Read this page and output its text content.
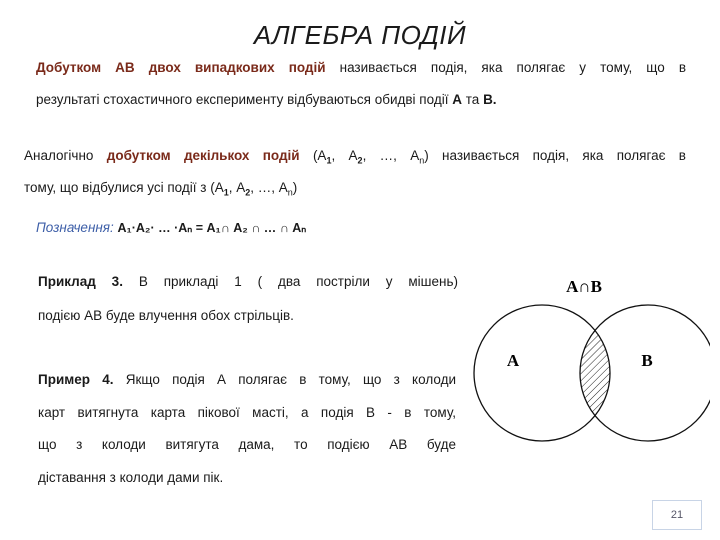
АЛГЕБРА ПОДІЙ
Добутком АВ двох випадкових подій називається подія, яка полягає у тому, що в
результаті стохастичного експерименту відбуваються обидві події А та В.
Аналогічно добутком декількох подій ($А_1$, $А_2$, …, $А_n$) називається подія, яка полягає в
тому, що відбулися усі події з ($А_1$, $А_2$, …, $А_n$)
Позначення: А₁·А₂· … ·Аₙ = А₁∩ А₂ ∩ … ∩ Аₙ
Приклад 3. В прикладі 1 ( два постріли у мішень)
подією АВ буде влучення обох стрільців.
Пример 4. Якщо подія А полягає в тому, що з колоди
карт витягнута карта пікової масті, а подія В - в тому,
що з колоди витягута дама, то подією АВ буде
діставання з колоди дами пік.
A∩B
A	B
21
